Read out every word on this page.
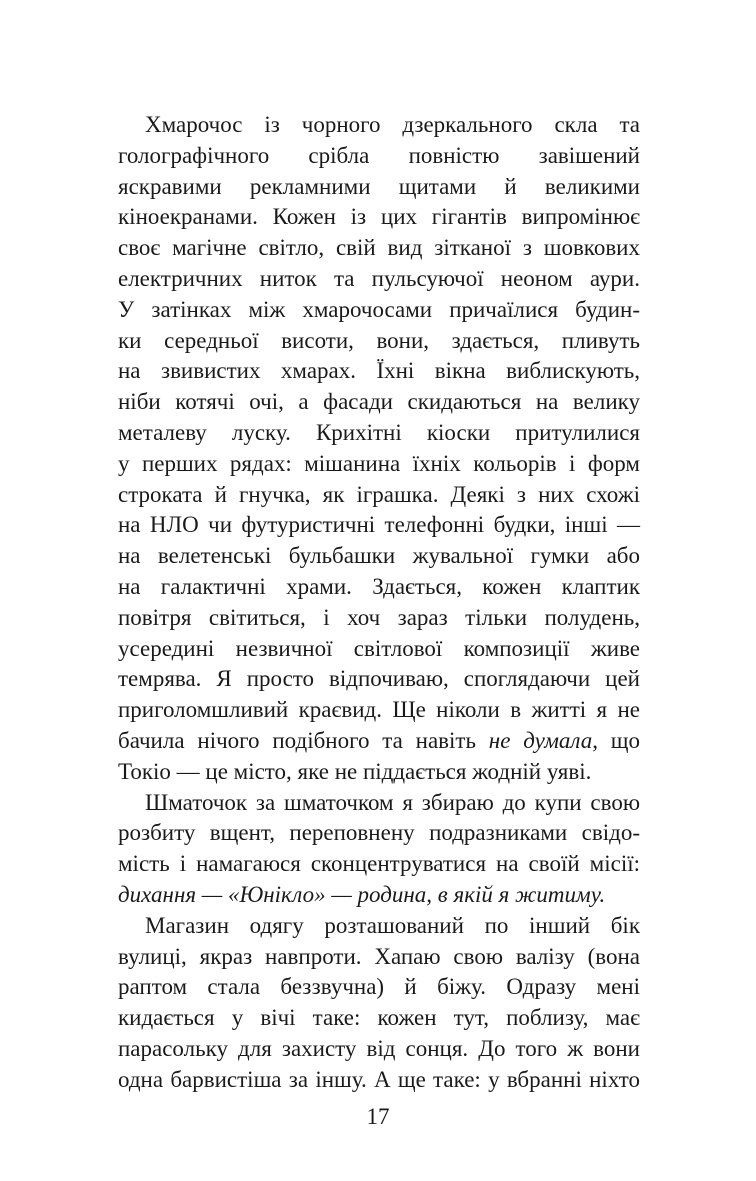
Хмарочос із чорного дзеркального скла та
голографічного срібла повністю завішений
яскравими рекламними щитами й великими
кіноекранами. Кожен із цих гігантів випромінює
своє магічне світло, свій вид зітканої з шовкових
електричних ниток та пульсуючої неоном аури.
У затінках між хмарочосами причаїлися будин-
ки середньої висоти, вони, здається, пливуть
на звивистих хмарах. Їхні вікна виблискують,
ніби котячі очі, а фасади скидаються на велику
металеву луску. Крихітні кіоски притулилися
у перших рядах: мішанина їхніх кольорів і форм
строката й гнучка, як іграшка. Деякі з них схожі
на НЛО чи футуристичні телефонні будки, інші —
на велетенські бульбашки жувальної гумки або
на галактичні храми. Здається, кожен клаптик
повітря світиться, і хоч зараз тільки полудень,
усередині незвичної світлової композиції живе
темрява. Я просто відпочиваю, споглядаючи цей
приголомшливий краєвид. Ще ніколи в житті я не
бачила нічого подібного та навіть не думала, що
Токіо — це місто, яке не піддається жодній уяві.
Шматочок за шматочком я збираю до купи свою
розбиту вщент, переповнену подразниками свідо-
мість і намагаюся сконцентруватися на своїй місії:
дихання — «Юнікло» — родина, в якій я житиму.
Магазин одягу розташований по інший бік
вулиці, якраз навпроти. Хапаю свою валізу (вона
раптом стала беззвучна) й біжу. Одразу мені
кидається у вічі таке: кожен тут, поблизу, має
парасольку для захисту від сонця. До того ж вони
одна барвистіша за іншу. А ще таке: у вбранні ніхто
17
